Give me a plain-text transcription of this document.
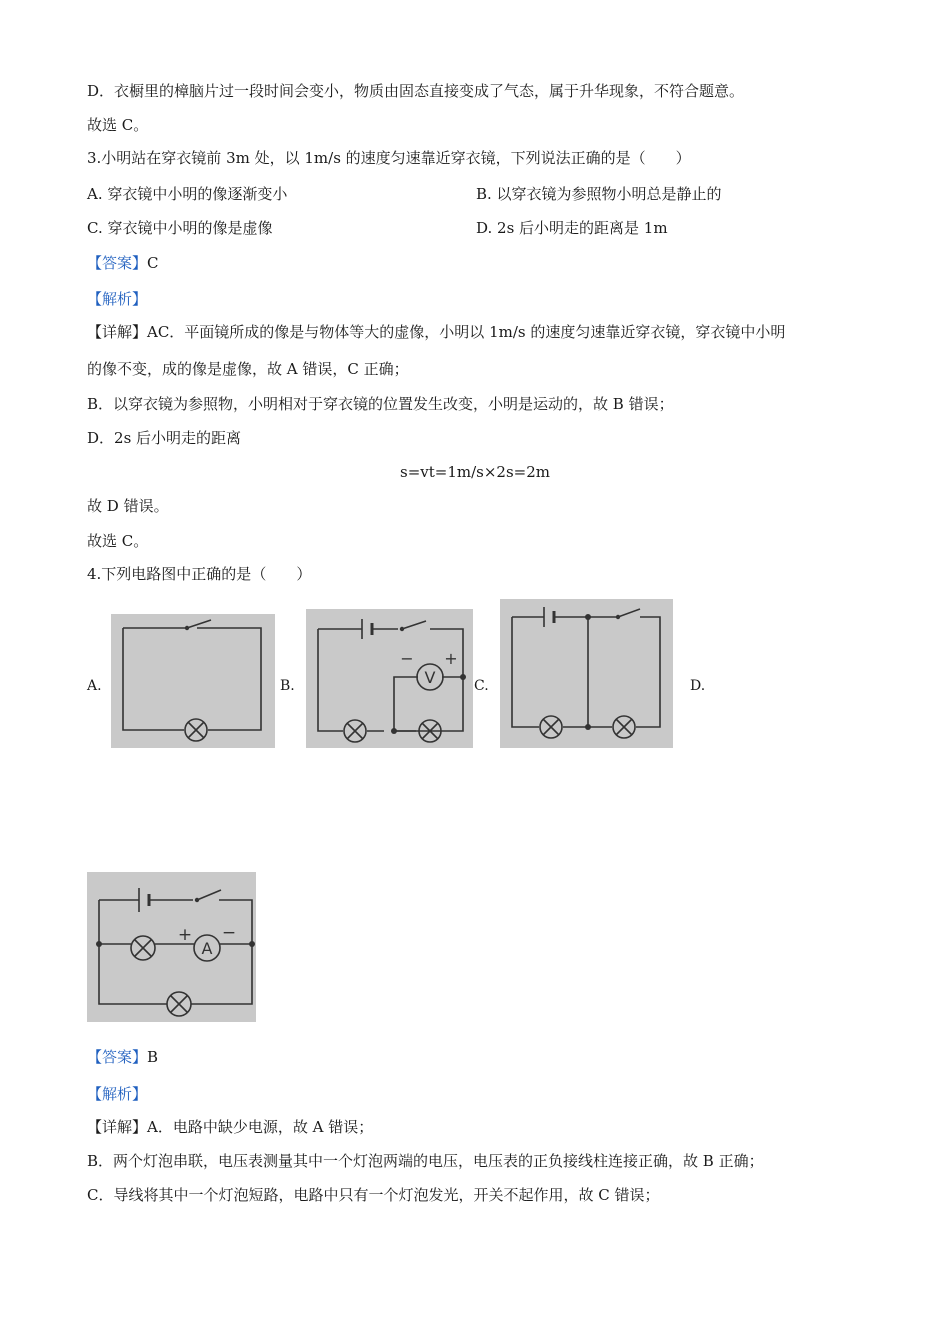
D．衣橱里的樟脑片过一段时间会变小，物质由固态直接变成了气态，属于升华现象，不符合题意。
故选 C。
3.小明站在穿衣镜前 3m 处，以 1m/s 的速度匀速靠近穿衣镜，下列说法正确的是（　　）
A. 穿衣镜中小明的像逐渐变小	B. 以穿衣镜为参照物小明总是静止的
C. 穿衣镜中小明的像是虚像	D. 2s 后小明走的距离是 1m
【答案】C
【解析】
【详解】AC．平面镜所成的像是与物体等大的虚像，小明以 1m/s 的速度匀速靠近穿衣镜，穿衣镜中小明
的像不变，成的像是虚像，故 A 错误，C 正确；
B．以穿衣镜为参照物，小明相对于穿衣镜的位置发生改变，小明是运动的，故 B 错误；
D．2s 后小明走的距离
s=vt=1m/s×2s=2m
故 D 错误。
故选 C。
4.下列电路图中正确的是（　　）
A.	B.	C.	D.
V
− +
A
+ −
【答案】B
【解析】
【详解】A．电路中缺少电源，故 A 错误；
B．两个灯泡串联，电压表测量其中一个灯泡两端的电压，电压表的正负接线柱连接正确，故 B 正确；
C．导线将其中一个灯泡短路，电路中只有一个灯泡发光，开关不起作用，故 C 错误；
